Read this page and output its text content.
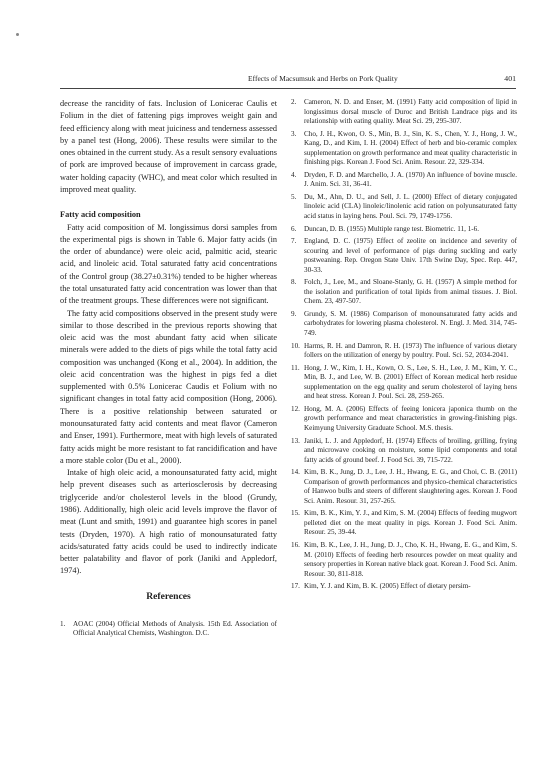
Effects of Macsumsuk and Herbs on Pork Quality	401

decrease the rancidity of fats. Inclusion of Lonicerac Caulis et Folium in the diet of fattening pigs improves weight gain and feed efficiency along with meat juiciness and tenderness assessed by a panel test (Hong, 2006). These results were similar to the ones obtained in the current study. As a result sensory evaluations of pork are improved because of improvement in carcass grade, water holding capacity (WHC), and meat color which resulted in improved meat quality.

Fatty acid composition

Fatty acid composition of M. longissimus dorsi samples from the experimental pigs is shown in Table 6. Major fatty acids (in the order of abundance) were oleic acid, palmitic acid, stearic acid, and linoleic acid. Total saturated fatty acid concentrations of the Control group (38.27±0.31%) tended to be higher whereas the total unsaturated fatty acid concentration was lower than that of the treatment groups. These differences were not significant.

The fatty acid compositions observed in the present study were similar to those described in the previous reports showing that oleic acid was the most abundant fatty acid when silicate minerals were added to the diets of pigs while the total fatty acid composition was unchanged (Kong et al., 2004). In addition, the oleic acid concentration was the highest in pigs fed a diet supplemented with 0.5% Lonicerac Caudis et Folium with no significant changes in total fatty acid composition (Hong, 2006). There is a positive relationship between saturated or monounsaturated fatty acid contents and meat flavor (Cameron and Enser, 1991). Furthermore, meat with high levels of saturated fatty acids might be more resistant to fat rancidification and have a more stable color (Du et al., 2000).

Intake of high oleic acid, a monounsaturated fatty acid, might help prevent diseases such as arteriosclerosis by decreasing triglyceride and/or cholesterol levels in the blood (Grundy, 1986). Additionally, high oleic acid levels improve the flavor of meat (Lunt and smith, 1991) and guarantee high scores in panel tests (Dryden, 1970). A high ratio of monounsaturated fatty acids/saturated fatty acids could be used to indirectly indicate better palatability and flavor of pork (Janiki and Appledorf, 1974).

References
1.	AOAC (2004) Official Methods of Analysis. 15th Ed. Association of Official Analytical Chemists, Washington. D.C.
2.	Cameron, N. D. and Enser, M. (1991) Fatty acid composition of lipid in longissimus dorsal muscle of Duroc and British Landrace pigs and its relationship with eating quality. Meat Sci. 29, 295-307.
3.	Cho, J. H., Kwon, O. S., Min, B. J., Sin, K. S., Chen, Y. J., Hong, J. W., Kang, D., and Kim, I. H. (2004) Effect of herb and bio-ceramic complex supplementation on growth performance and meat quality characteristic in finishing pigs. Korean J. Food Sci. Anim. Resour. 22, 329-334.
4.	Dryden, F. D. and Marchello, J. A. (1970) An influence of bovine muscle. J. Anim. Sci. 31, 36-41.
5.	Du, M., Ahn, D. U., and Sell, J. L. (2000) Effect of dietary conjugated linoleic acid (CLA) linoleic/linolenic acid ration on polyunsaturated fatty acid status in laying hens. Poul. Sci. 79, 1749-1756.
6.	Duncan, D. B. (1955) Multiple range test. Biometric. 11, 1-6.
7.	England, D. C. (1975) Effect of zeolite on incidence and severity of scouring and level of performance of pigs during suckling and early postweaning. Rep. Oregon State Univ. 17th Swine Day, Spec. Rep. 447, 30-33.
8.	Folch, J., Lee, M., and Sloane-Stanly, G. H. (1957) A simple method for the isolation and purification of total lipids from animal tissues. J. Biol. Chem. 23, 497-507.
9.	Grundy, S. M. (1986) Comparison of monounsaturated fatty acids and carbohydrates for lowering plasma cholesterol. N. Engl. J. Med. 314, 745-749.
10. Harms, R. H. and Damron, R. H. (1973) The influence of various dietary follers on the utilization of energy by poultry. Poul. Sci. 52, 2034-2041.
11. Hong, J. W., Kim, I. H., Kown, O. S., Lee, S. H., Lee, J. M., Kim, Y. C., Min, B. J., and Lee, W. B. (2001) Effect of Korean medical herb residue supplementation on the egg quality and serum cholesterol of laying hens and heat stress. Korean J. Poul. Sci. 28, 259-265.
12. Hong, M. A. (2006) Effects of feeing lonicera japonica thumb on the growth performance and meat characteristics in growing-finishing pigs. Keimyung University Graduate School. M.S. thesis.
13. Janiki, L. J. and Appledorf, H. (1974) Effects of broiling, grilling, frying and microwave cooking on moisture, some lipid components and total fatty acids of ground beef. J. Food Sci. 39, 715-722.
14. Kim, B. K., Jung, D. J., Lee, J. H., Hwang, E. G., and Choi, C. B. (2011) Comparison of growth performances and physico-chemical characteristics of Hanwoo bulls and steers of different slaughtering ages. Korean J. Food Sci. Anim. Resour. 31, 257-265.
15. Kim, B. K., Kim, Y. J., and Kim, S. M. (2004) Effects of feeding mugwort pelleted diet on the meat quality in pigs. Korean J. Food Sci. Anim. Resour. 25, 39-44.
16. Kim, B. K., Lee, J. H., Jung, D. J., Cho, K. H., Hwang, E. G., and Kim, S. M. (2010) Effects of feeding herb resources powder on meat quality and sensory properties in Korean native black goat. Korean J. Food Sci. Anim. Resour. 30, 811-818.
17. Kim, Y. J. and Kim, B. K. (2005) Effect of dietary persim-
